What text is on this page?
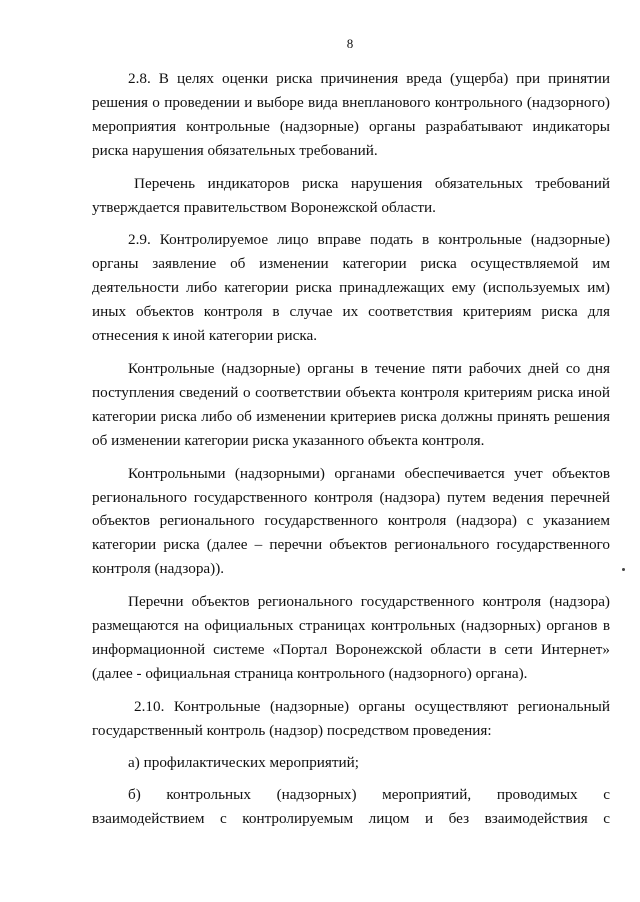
8

2.8. В целях оценки риска причинения вреда (ущерба) при принятии решения о проведении и выборе вида внепланового контрольного (надзорного) мероприятия контрольные (надзорные) органы разрабатывают индикаторы риска нарушения обязательных требований.

Перечень индикаторов риска нарушения обязательных требований утверждается правительством Воронежской области.

2.9. Контролируемое лицо вправе подать в контрольные (надзорные) органы заявление об изменении категории риска осуществляемой им деятельности либо категории риска принадлежащих ему (используемых им) иных объектов контроля в случае их соответствия критериям риска для отнесения к иной категории риска.

Контрольные (надзорные) органы в течение пяти рабочих дней со дня поступления сведений о соответствии объекта контроля критериям риска иной категории риска либо об изменении критериев риска должны принять решения об изменении категории риска указанного объекта контроля.

Контрольными (надзорными) органами обеспечивается учет объектов регионального государственного контроля (надзора) путем ведения перечней объектов регионального государственного контроля (надзора) с указанием категории риска (далее – перечни объектов регионального государственного контроля (надзора)).

Перечни объектов регионального государственного контроля (надзора) размещаются на официальных страницах контрольных (надзорных) органов в информационной системе «Портал Воронежской области в сети Интернет» (далее - официальная страница контрольного (надзорного) органа).

2.10. Контрольные (надзорные) органы осуществляют региональный государственный контроль (надзор) посредством проведения:

а) профилактических мероприятий;

б) контрольных (надзорных) мероприятий, проводимых с

взаимодействием с контролируемым лицом и без взаимодействия с
